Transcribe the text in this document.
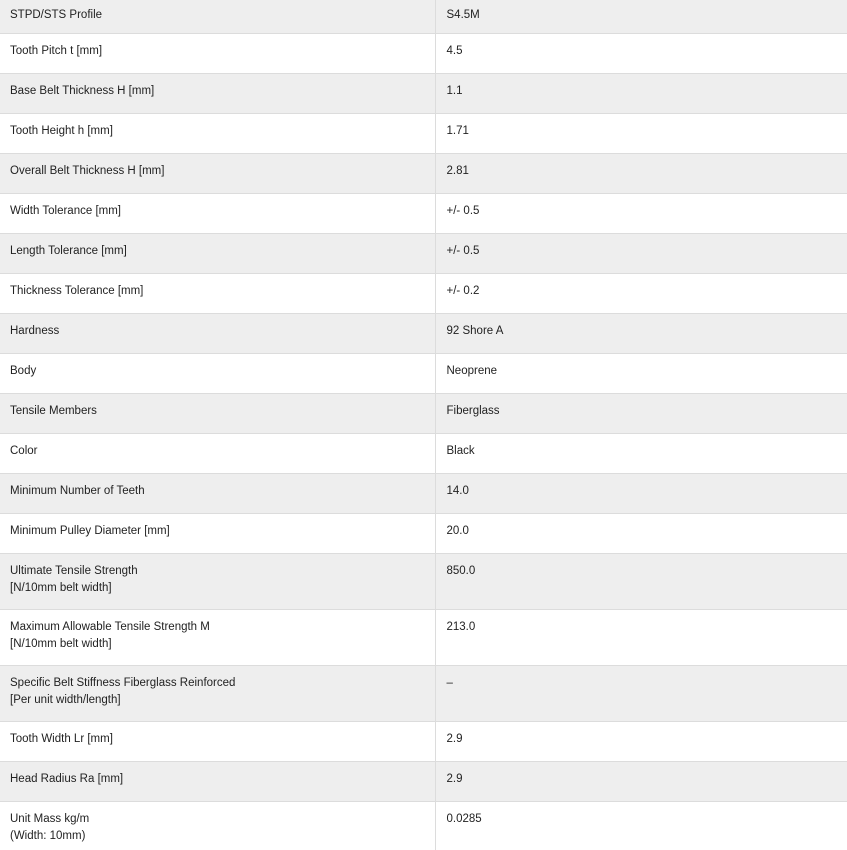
STPD/STS Profile	S4.5M

Tooth Pitch t [mm]	4.5

Base Belt Thickness H [mm]	1.1

Tooth Height h [mm]	1.71

Overall Belt Thickness H [mm]	2.81

Width Tolerance [mm]	+/- 0.5

Length Tolerance [mm]	+/- 0.5

Thickness Tolerance [mm]	+/- 0.2

Hardness	92 Shore A

Body	Neoprene

Tensile Members	Fiberglass

Color	Black

Minimum Number of Teeth	14.0

Minimum Pulley Diameter [mm]	20.0

Ultimate Tensile Strength
[N/10mm belt width]	850.0

Maximum Allowable Tensile Strength M
[N/10mm belt width]	213.0

Specific Belt Stiffness Fiberglass Reinforced
[Per unit width/length]	–

Tooth Width Lr [mm]	2.9

Head Radius Ra [mm]	2.9

Unit Mass kg/m
(Width: 10mm)	0.0285
